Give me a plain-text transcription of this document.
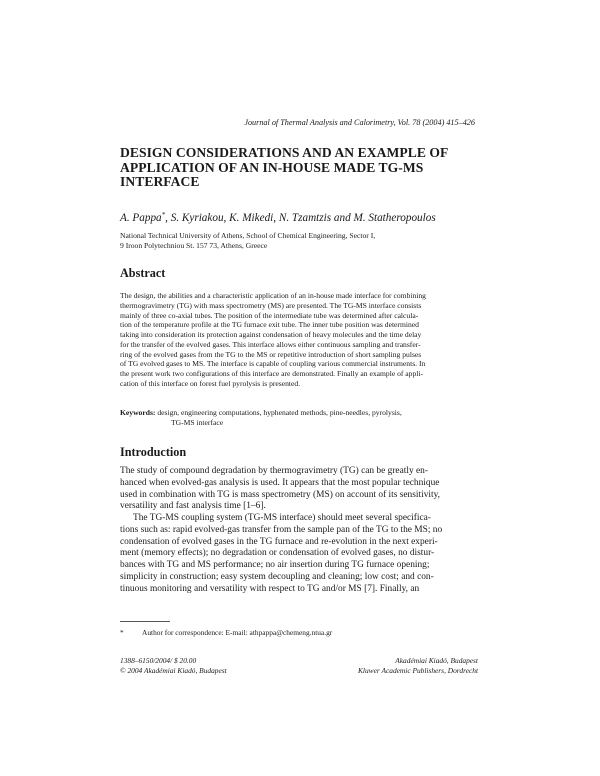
Journal of Thermal Analysis and Calorimetry, Vol. 78 (2004) 415–426
DESIGN CONSIDERATIONS AND AN EXAMPLE OF
APPLICATION OF AN IN-HOUSE MADE TG-MS
INTERFACE
A. Pappa*, S. Kyriakou, K. Mikedi, N. Tzamtzis and M. Statheropoulos
National Technical University of Athens, School of Chemical Engineering, Sector I,
9 Iroon Polytechniou St. 157 73, Athens, Greece
Abstract
The design, the abilities and a characteristic application of an in-house made interface for combining
thermogravimetry (TG) with mass spectrometry (MS) are presented. The TG-MS interface consists
mainly of three co-axial tubes. The position of the intermediate tube was determined after calcula-
tion of the temperature profile at the TG furnace exit tube. The inner tube position was determined
taking into consideration its protection against condensation of heavy molecules and the time delay
for the transfer of the evolved gases. This interface allows either continuous sampling and transfer-
ring of the evolved gases from the TG to the MS or repetitive introduction of short sampling pulses
of TG evolved gases to MS. The interface is capable of coupling various commercial instruments. In
the present work two configurations of this interface are demonstrated. Finally an example of appli-
cation of this interface on forest fuel pyrolysis is presented.
Keywords: design, engineering computations, hyphenated methods, pine-needles, pyrolysis,
TG-MS interface
Introduction
The study of compound degradation by thermogravimetry (TG) can be greatly en-
hanced when evolved-gas analysis is used. It appears that the most popular technique
used in combination with TG is mass spectrometry (MS) on account of its sensitivity,
versatility and fast analysis time [1–6].
The TG-MS coupling system (TG-MS interface) should meet several specifica-
tions such as: rapid evolved-gas transfer from the sample pan of the TG to the MS; no
condensation of evolved gases in the TG furnace and re-evolution in the next experi-
ment (memory effects); no degradation or condensation of evolved gases, no distur-
bances with TG and MS performance; no air insertion during TG furnace opening;
simplicity in construction; easy system decoupling and cleaning; low cost; and con-
tinuous monitoring and versatility with respect to TG and/or MS [7]. Finally, an
* Author for correspondence: E-mail: athpappa@chemeng.ntua.gr
1388–6150/2004/ $ 20.00
© 2004 Akadémiai Kiadó, Budapest
Akadémiai Kiadó, Budapest
Kluwer Academic Publishers, Dordrecht
